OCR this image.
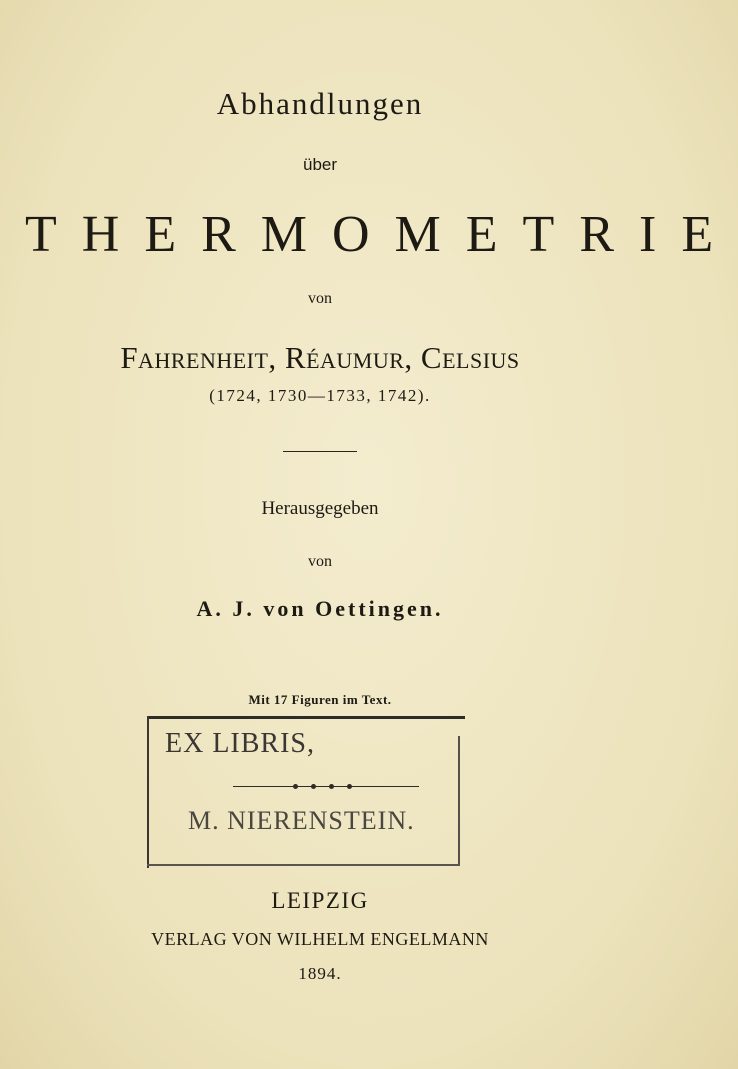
Abhandlungen
über
THERMOMETRIE
von
Fahrenheit, Réaumur, Celsius
(1724, 1730—1733, 1742).
Herausgegeben
von
A. J. von Oettingen.
Mit 17 Figuren im Text.
EX LIBRIS,
M. NIERENSTEIN.
LEIPZIG
VERLAG VON WILHELM ENGELMANN
1894.
